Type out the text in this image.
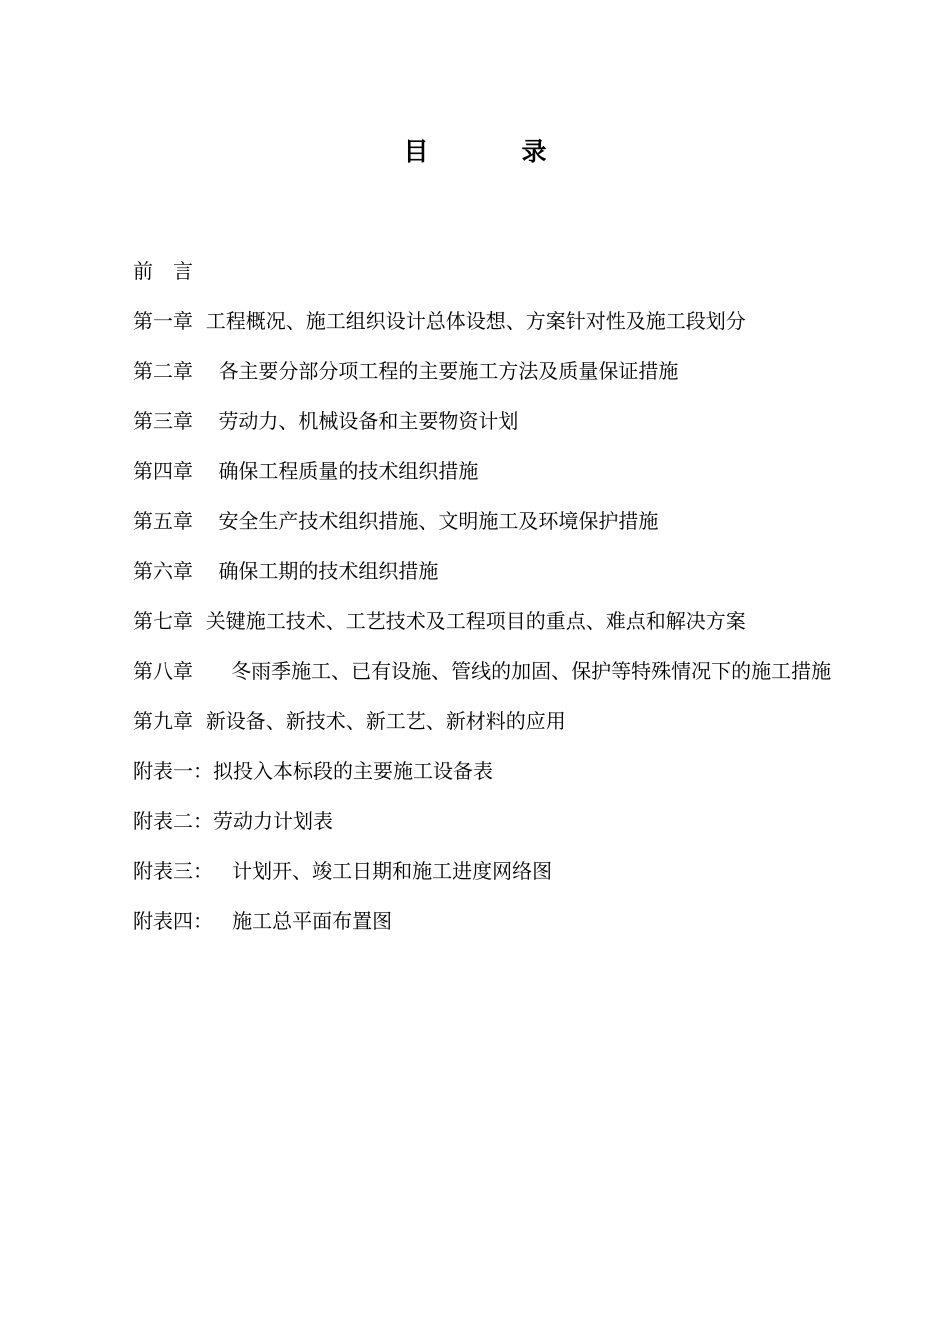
目　录
前　言
第一章 工程概况、施工组织设计总体设想、方案针对性及施工段划分
第二章 各主要分部分项工程的主要施工方法及质量保证措施
第三章 劳动力、机械设备和主要物资计划
第四章 确保工程质量的技术组织措施
第五章 安全生产技术组织措施、文明施工及环境保护措施
第六章 确保工期的技术组织措施
第七章 关键施工技术、工艺技术及工程项目的重点、难点和解决方案
第八章 冬雨季施工、已有设施、管线的加固、保护等特殊情况下的施工措施
第九章 新设备、新技术、新工艺、新材料的应用
附表一：拟投入本标段的主要施工设备表
附表二：劳动力计划表
附表三： 计划开、竣工日期和施工进度网络图
附表四： 施工总平面布置图
